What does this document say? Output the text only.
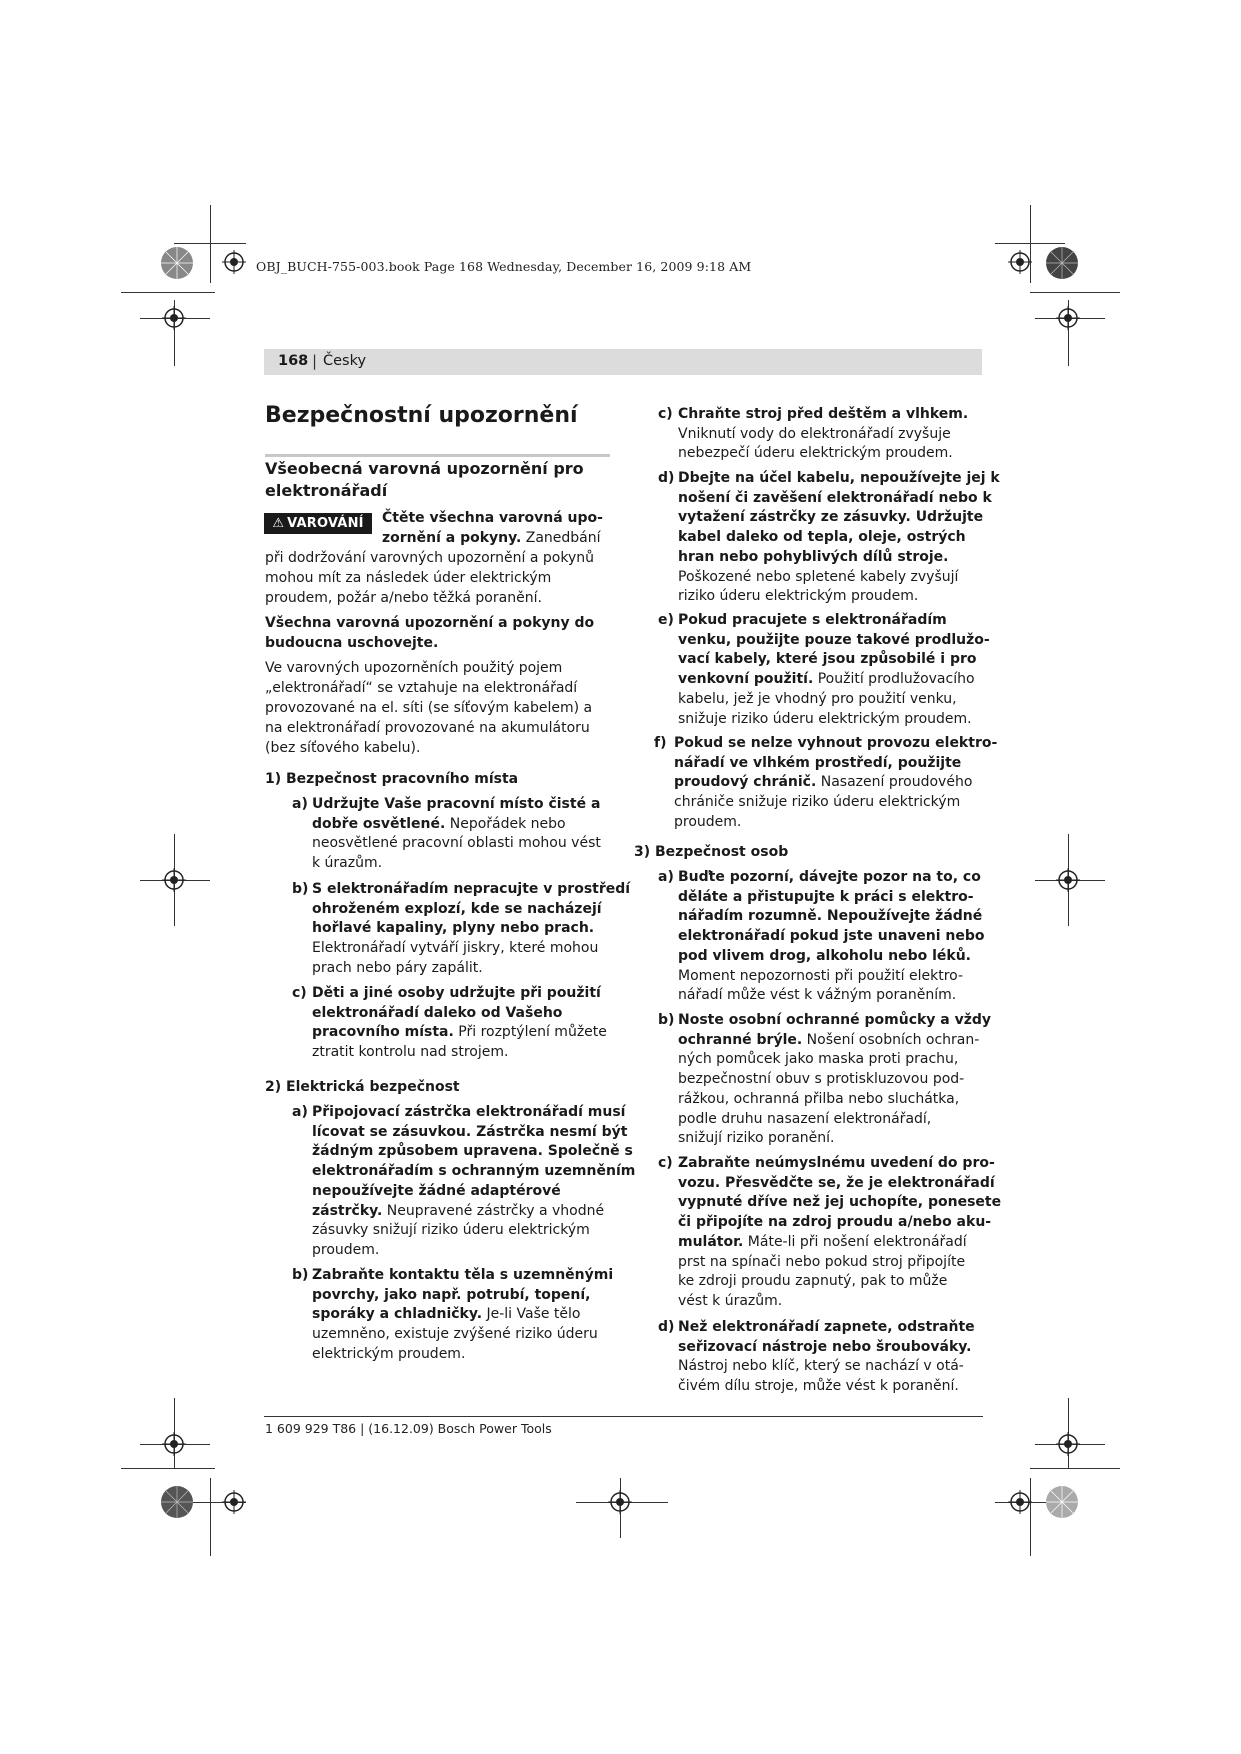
OBJ_BUCH-755-003.book Page 168 Wednesday, December 16, 2009 9:18 AM
168 | Česky
Bezpečnostní upozornění
Všeobecná varovná upozornění pro elektronářadí
⚠ VAROVÁNÍ Čtěte všechna varovná upo-
zornění a pokyny. Zanedbání
při dodržování varovných upozornění a pokynů
mohou mít za následek úder elektrickým
proudem, požár a/nebo těžká poranění.
Všechna varovná upozornění a pokyny do
budoucna uschovejte.
Ve varovných upozorněních použitý pojem
„elektronářadí“ se vztahuje na elektronářadí
provozované na el. síti (se síťovým kabelem) a
na elektronářadí provozované na akumulátoru
(bez síťového kabelu).
1) Bezpečnost pracovního místa
a) Udržujte Vaše pracovní místo čisté a
dobře osvětlené. Nepořádek nebo
neosvětlené pracovní oblasti mohou vést
k úrazům.
b) S elektronářadím nepracujte v prostředí
ohroženém explozí, kde se nacházejí
hořlavé kapaliny, plyny nebo prach.
Elektronářadí vytváří jiskry, které mohou
prach nebo páry zapálit.
c) Děti a jiné osoby udržujte při použití
elektronářadí daleko od Vašeho
pracovního místa. Při rozptýlení můžete
ztratit kontrolu nad strojem.
2) Elektrická bezpečnost
a) Připojovací zástrčka elektronářadí musí
lícovat se zásuvkou. Zástrčka nesmí být
žádným způsobem upravena. Společně s
elektronářadím s ochranným uzemněním
nepoužívejte žádné adaptérové
zástrčky. Neupravené zástrčky a vhodné
zásuvky snižují riziko úderu elektrickým
proudem.
b) Zabraňte kontaktu těla s uzemněnými
povrchy, jako např. potrubí, topení,
sporáky a chladničky. Je-li Vaše tělo
uzemněno, existuje zvýšené riziko úderu
elektrickým proudem.
c) Chraňte stroj před deštěm a vlhkem.
Vniknutí vody do elektronářadí zvyšuje
nebezpečí úderu elektrickým proudem.
d) Dbejte na účel kabelu, nepoužívejte jej k
nošení či zavěšení elektronářadí nebo k
vytažení zástrčky ze zásuvky. Udržujte
kabel daleko od tepla, oleje, ostrých
hran nebo pohyblivých dílů stroje.
Poškozené nebo spletené kabely zvyšují
riziko úderu elektrickým proudem.
e) Pokud pracujete s elektronářadím
venku, použijte pouze takové prodlužo-
vací kabely, které jsou způsobilé i pro
venkovní použití. Použití prodlužovacího
kabelu, jež je vhodný pro použití venku,
snižuje riziko úderu elektrickým proudem.
f) Pokud se nelze vyhnout provozu elektro-
nářadí ve vlhkém prostředí, použijte
proudový chránič. Nasazení proudového
chrániče snižuje riziko úderu elektrickým
proudem.
3) Bezpečnost osob
a) Buďte pozorní, dávejte pozor na to, co
děláte a přistupujte k práci s elektro-
nářadím rozumně. Nepoužívejte žádné
elektronářadí pokud jste unaveni nebo
pod vlivem drog, alkoholu nebo léků.
Moment nepozornosti při použití elektro-
nářadí může vést k vážným poraněním.
b) Noste osobní ochranné pomůcky a vždy
ochranné brýle. Nošení osobních ochran-
ných pomůcek jako maska proti prachu,
bezpečnostní obuv s protiskluzovou pod-
rážkou, ochranná přilba nebo sluchátka,
podle druhu nasazení elektronářadí,
snižují riziko poranění.
c) Zabraňte neúmyslnému uvedení do pro-
vozu. Přesvědčte se, že je elektronářadí
vypnuté dříve než jej uchopíte, ponesete
či připojíte na zdroj proudu a/nebo aku-
mulátor. Máte-li při nošení elektronářadí
prst na spínači nebo pokud stroj připojíte
ke zdroji proudu zapnutý, pak to může
vést k úrazům.
d) Než elektronářadí zapnete, odstraňte
seřizovací nástroje nebo šroubováky.
Nástroj nebo klíč, který se nachází v otá-
čivém dílu stroje, může vést k poranění.
1 609 929 T86 | (16.12.09) Bosch Power Tools
